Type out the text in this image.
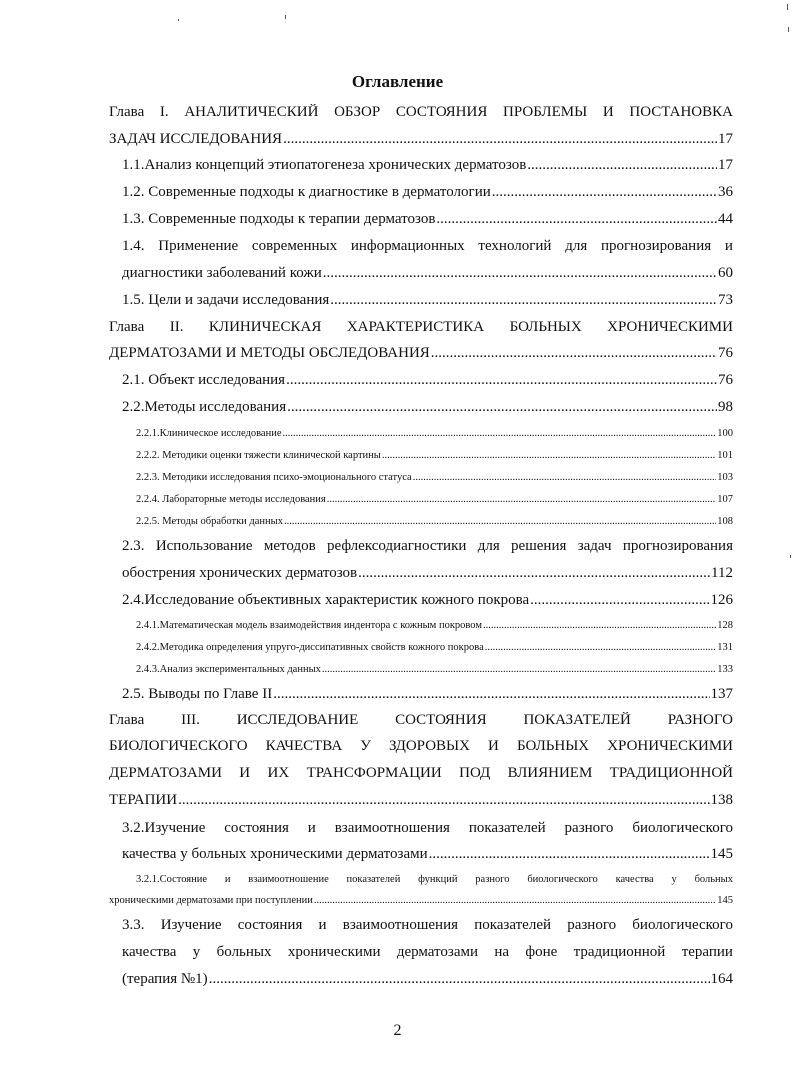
Оглавление
Глава I. АНАЛИТИЧЕСКИЙ ОБЗОР СОСТОЯНИЯ ПРОБЛЕМЫ И ПОСТАНОВКА
ЗАДАЧ ИССЛЕДОВАНИЯ .....	17
1.1.Анализ концепций этиопатогенеза хронических дерматозов .....	17
1.2. Современные подходы к диагностике в дерматологии .....	36
1.3. Современные подходы к терапии дерматозов .....	44
1.4. Применение современных информационных технологий для прогнозирования и
диагностики заболеваний кожи .....	60
1.5. Цели и задачи исследования .....	73
Глава II. КЛИНИЧЕСКАЯ ХАРАКТЕРИСТИКА БОЛЬНЫХ ХРОНИЧЕСКИМИ
ДЕРМАТОЗАМИ И МЕТОДЫ ОБСЛЕДОВАНИЯ .....	76
2.1. Объект исследования .....	76
2.2.Методы исследования .....	98
2.2.1.Клиническое исследование .....	100
2.2.2. Методики оценки тяжести клинической картины .....	101
2.2.3. Методики исследования психо-эмоционального статуса .....	103
2.2.4. Лабораторные методы исследования .....	107
2.2.5. Методы обработки данных .....	108
2.3. Использование методов рефлексодиагностики для решения задач прогнозирования
обострения хронических дерматозов .....	112
2.4.Исследование объективных характеристик кожного покрова .....	126
2.4.1.Математическая модель взаимодействия индентора с кожным покровом .....	128
2.4.2.Методика определения упруго-диссипативных свойств кожного покрова .....	131
2.4.3.Анализ экспериментальных данных .....	133
2.5. Выводы по Главе II .....	137
Глава III. ИССЛЕДОВАНИЕ СОСТОЯНИЯ ПОКАЗАТЕЛЕЙ РАЗНОГО
БИОЛОГИЧЕСКОГО КАЧЕСТВА У ЗДОРОВЫХ И БОЛЬНЫХ ХРОНИЧЕСКИМИ
ДЕРМАТОЗАМИ И ИХ ТРАНСФОРМАЦИИ ПОД ВЛИЯНИЕМ ТРАДИЦИОННОЙ
ТЕРАПИИ .....	138
3.2.Изучение состояния и взаимоотношения показателей разного биологического
качества у больных хроническими дерматозами .....	145
3.2.1.Состояние и взаимоотношение показателей функций разного биологического качества у больных
хроническими дерматозами при поступлении .....	145
3.3. Изучение состояния и взаимоотношения показателей разного биологического
качества у больных хроническими дерматозами на фоне традиционной терапии
(терапия №1) .....	164
2
